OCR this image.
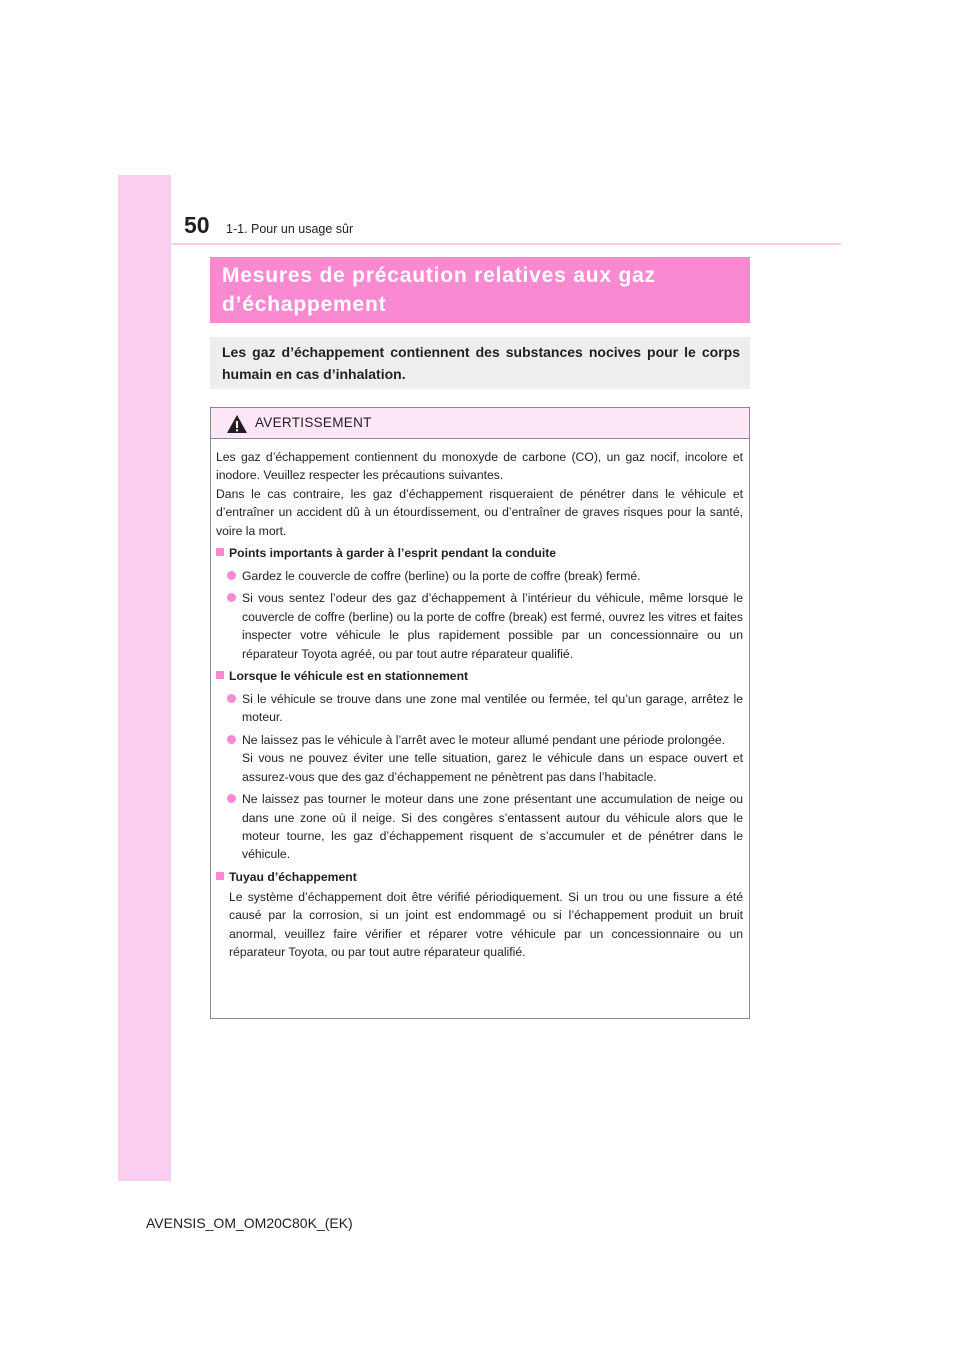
50 1-1. Pour un usage sûr
Mesures de précaution relatives aux gaz
d’échappement
Les gaz d’échappement contiennent des substances nocives pour le corps humain en cas d’inhalation.
AVERTISSEMENT

Les gaz d’échappement contiennent du monoxyde de carbone (CO), un gaz nocif, incolore et inodore. Veuillez respecter les précautions suivantes.

Dans le cas contraire, les gaz d’échappement risqueraient de pénétrer dans le véhicule et d’entraîner un accident dû à un étourdissement, ou d’entraîner de graves risques pour la santé, voire la mort.

Points importants à garder à l’esprit pendant la conduite
Gardez le couvercle de coffre (berline) ou la porte de coffre (break) fermé.
Si vous sentez l’odeur des gaz d’échappement à l’intérieur du véhicule, même lorsque le couvercle de coffre (berline) ou la porte de coffre (break) est fermé, ouvrez les vitres et faites inspecter votre véhicule le plus rapidement possible par un concessionnaire ou un réparateur Toyota agréé, ou par tout autre réparateur qualifié.
Lorsque le véhicule est en stationnement
Si le véhicule se trouve dans une zone mal ventilée ou fermée, tel qu’un garage, arrêtez le moteur.
Ne laissez pas le véhicule à l’arrêt avec le moteur allumé pendant une période prolongée.
Si vous ne pouvez éviter une telle situation, garez le véhicule dans un espace ouvert et assurez-vous que des gaz d’échappement ne pénètrent pas dans l’habitacle.
Ne laissez pas tourner le moteur dans une zone présentant une accumulation de neige ou dans une zone où il neige. Si des congères s’entassent autour du véhicule alors que le moteur tourne, les gaz d’échappement risquent de s’accumuler et de pénétrer dans le véhicule.
Tuyau d’échappement
Le système d’échappement doit être vérifié périodiquement. Si un trou ou une fissure a été causé par la corrosion, si un joint est endommagé ou si l’échappement produit un bruit anormal, veuillez faire vérifier et réparer votre véhicule par un concessionnaire ou un réparateur Toyota, ou par tout autre réparateur qualifié.
AVENSIS_OM_OM20C80K_(EK)
